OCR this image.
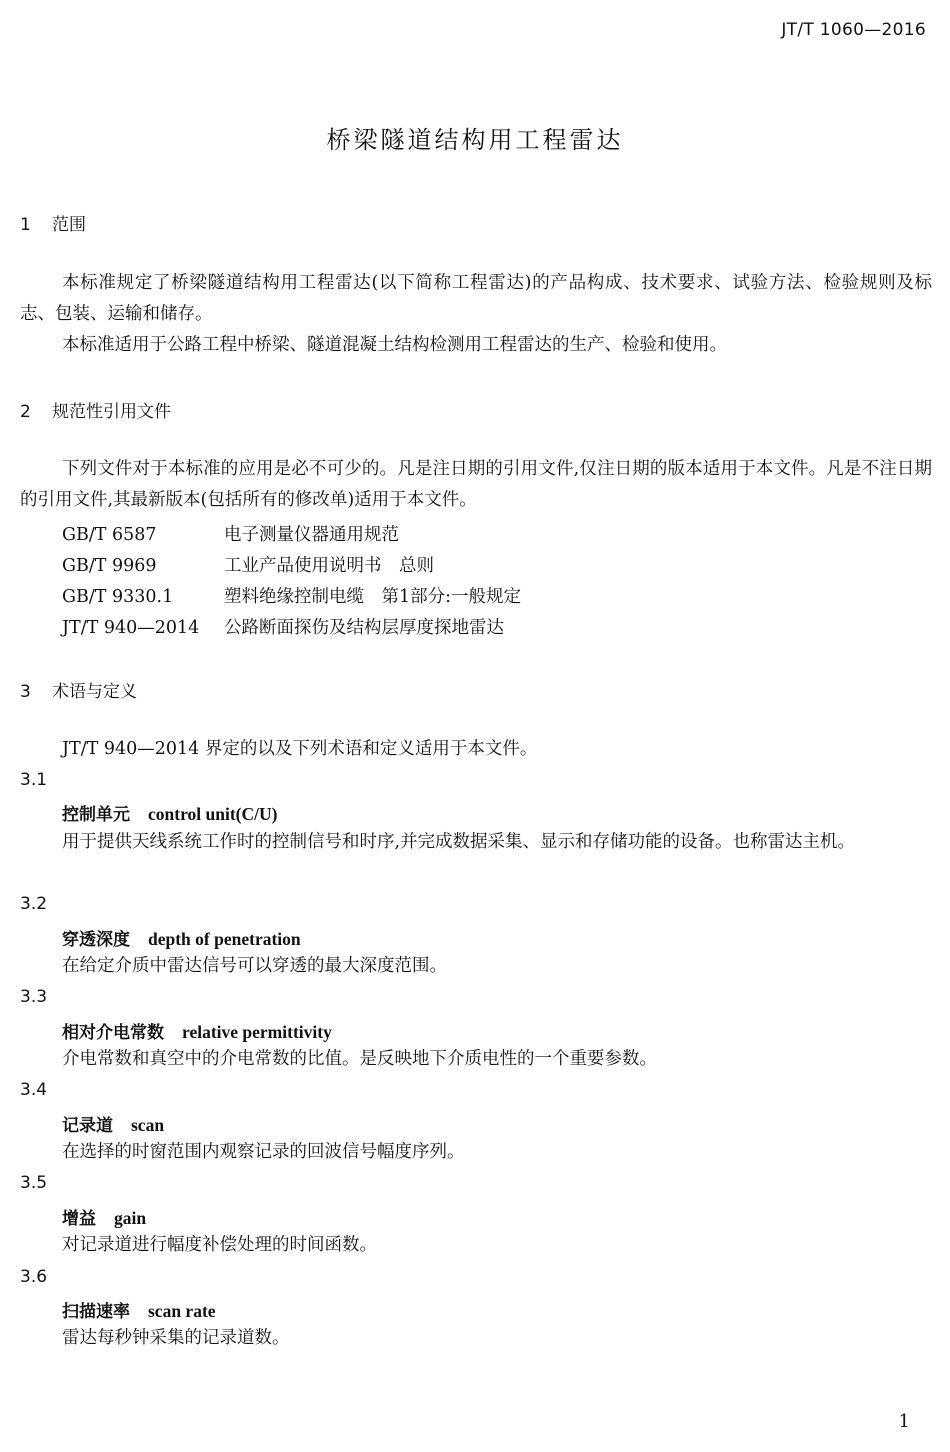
JT/T 1060—2016
桥梁隧道结构用工程雷达
1 范围

本标准规定了桥梁隧道结构用工程雷达(以下简称工程雷达)的产品构成、技术要求、试验方法、检验规则及标志、包装、运输和储存。

本标准适用于公路工程中桥梁、隧道混凝土结构检测用工程雷达的生产、检验和使用。

2 规范性引用文件

下列文件对于本标准的应用是必不可少的。凡是注日期的引用文件,仅注日期的版本适用于本文件。凡是不注日期的引用文件,其最新版本(包括所有的修改单)适用于本文件。

GB/T 6587	电子测量仪器通用规范
GB/T 9969	工业产品使用说明书　总则
GB/T 9330.1	塑料绝缘控制电缆　第1部分:一般规定
JT/T 940—2014 公路断面探伤及结构层厚度探地雷达
3 术语与定义

JT/T 940—2014 界定的以及下列术语和定义适用于本文件。

3.1
控制单元 control unit(C/U)

用于提供天线系统工作时的控制信号和时序,并完成数据采集、显示和存储功能的设备。也称雷达主机。

3.2
穿透深度 depth of penetration

在给定介质中雷达信号可以穿透的最大深度范围。

3.3
相对介电常数 relative permittivity

介电常数和真空中的介电常数的比值。是反映地下介质电性的一个重要参数。

3.4
记录道 scan

在选择的时窗范围内观察记录的回波信号幅度序列。

3.5
增益 gain

对记录道进行幅度补偿处理的时间函数。

3.6
扫描速率 scan rate

雷达每秒钟采集的记录道数。

1
